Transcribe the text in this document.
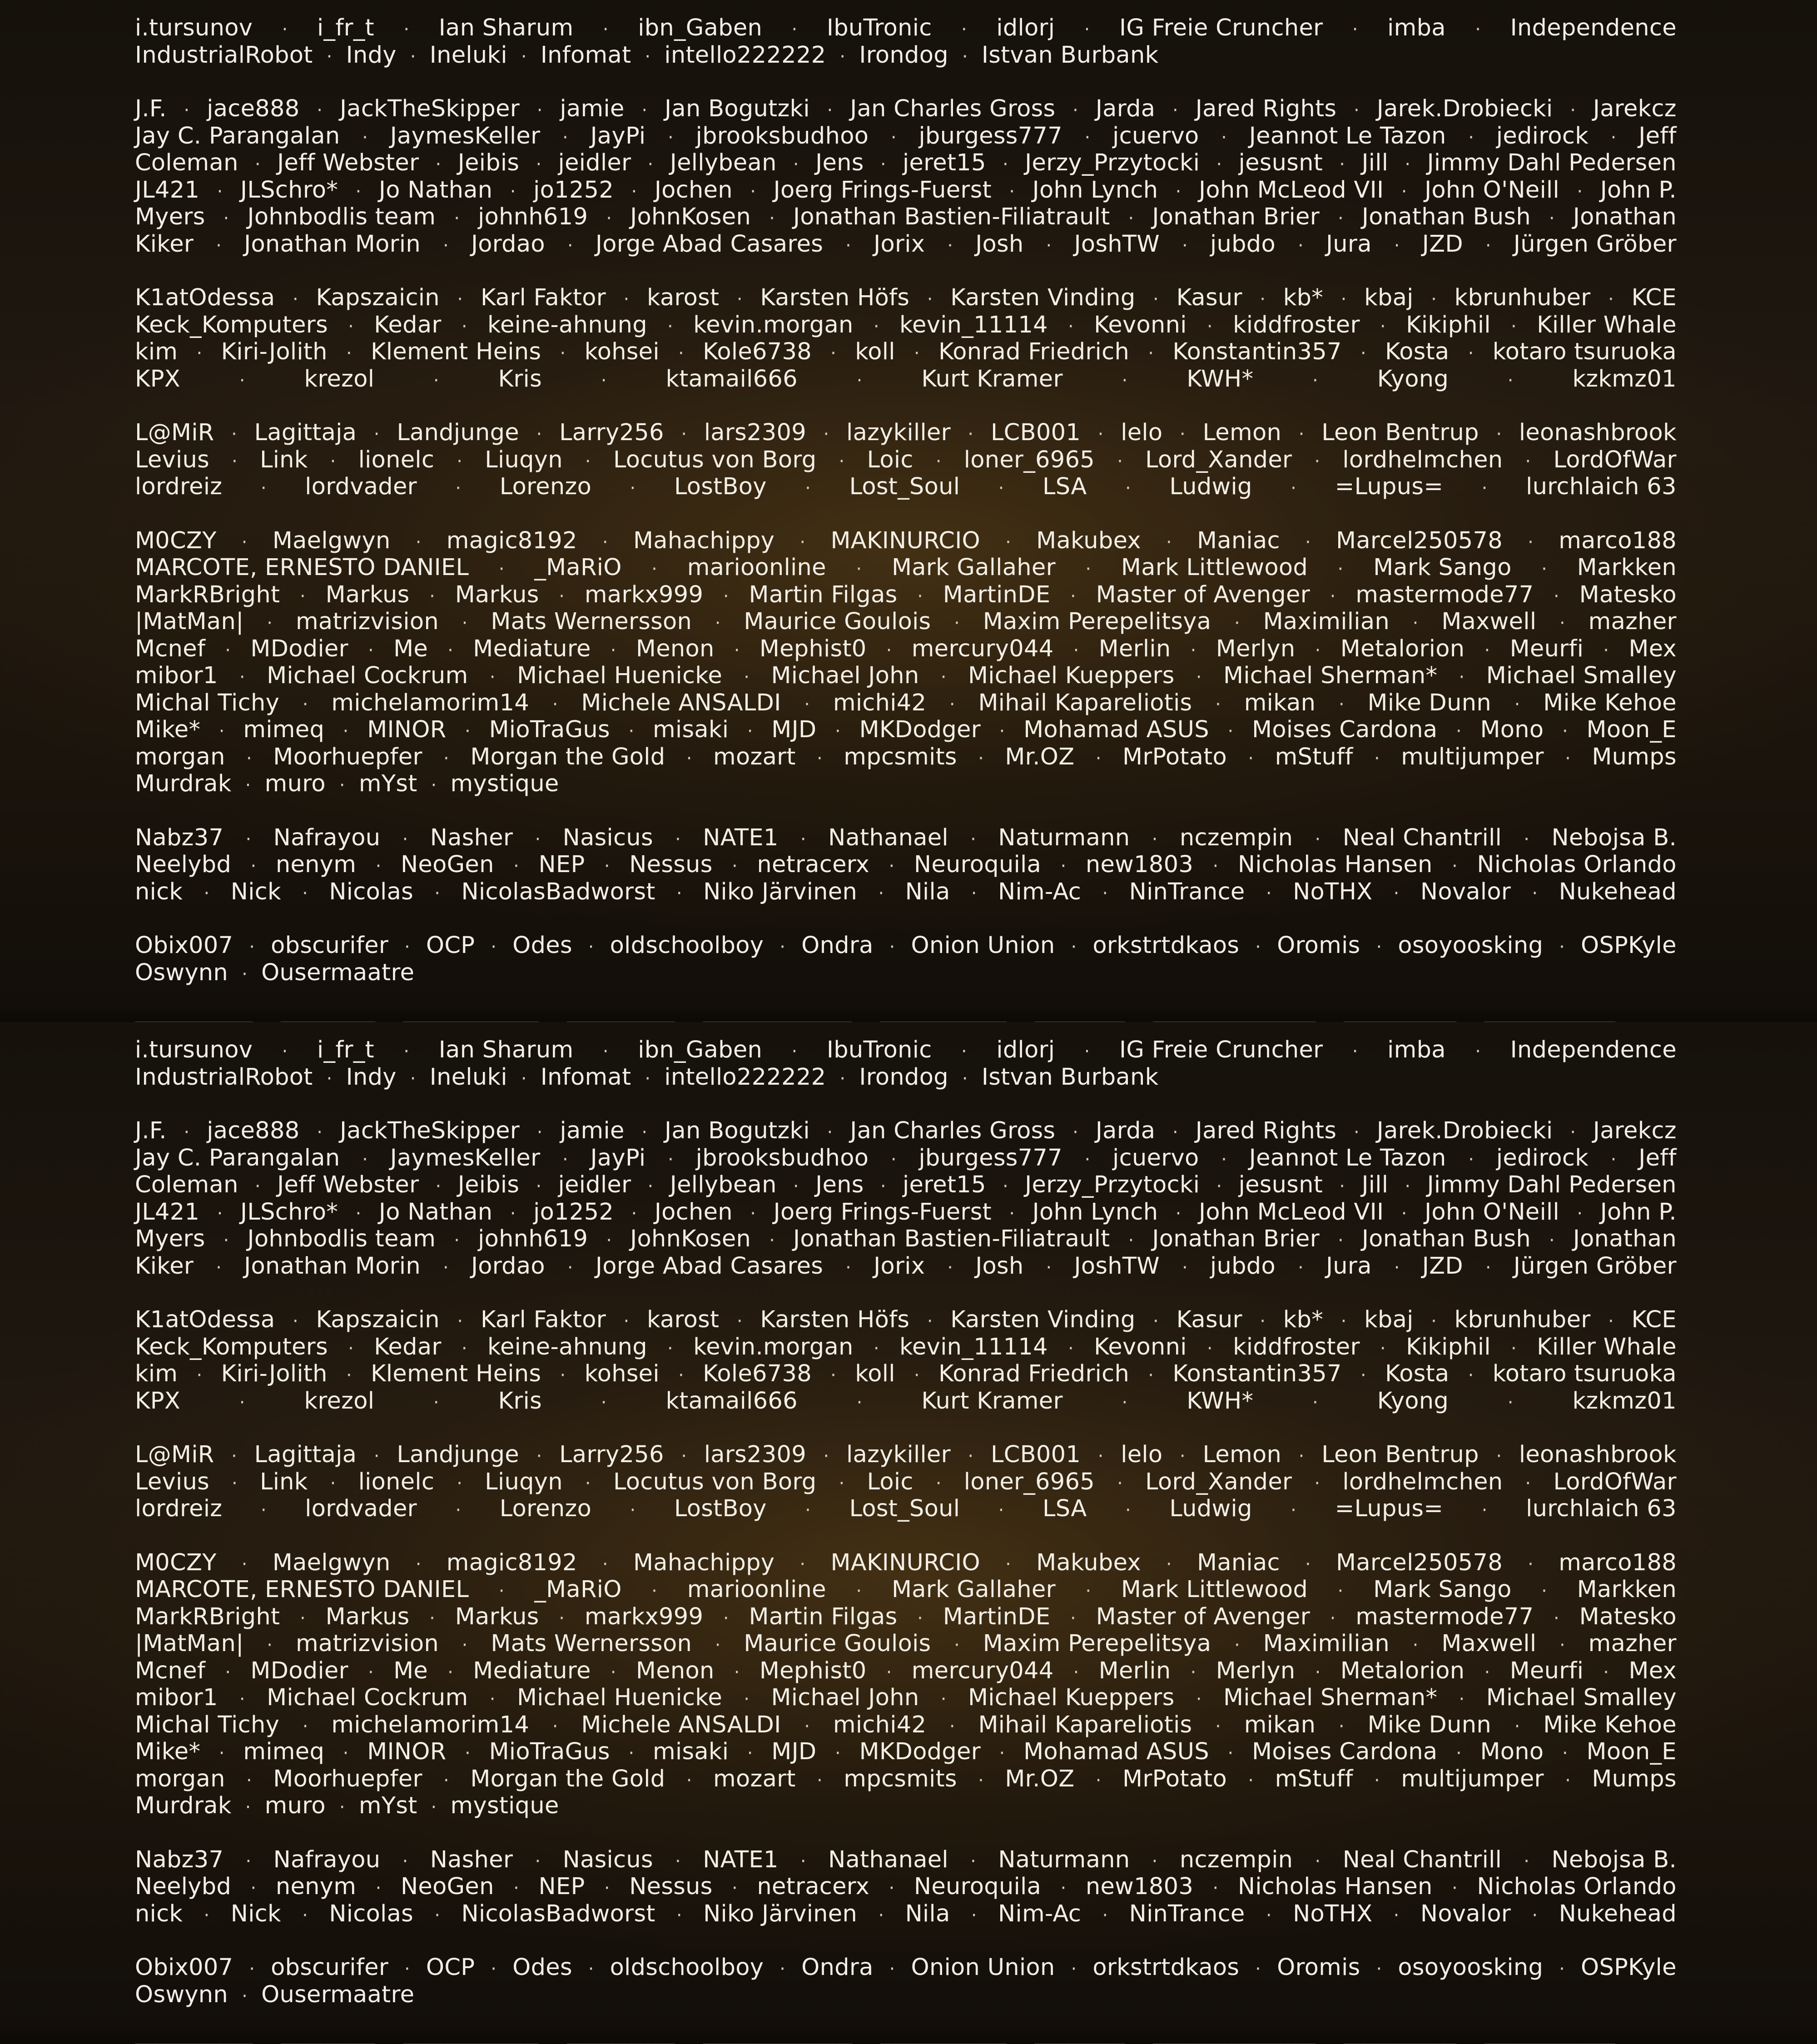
i.tursunov · i_fr_t · Ian Sharum · ibn_Gaben · IbuTronic · idlorj · IG Freie Cruncher · imba · Independence
IndustrialRobot · Indy · Ineluki · Infomat · intello222222 · Irondog · Istvan Burbank
J.F. · jace888 · JackTheSkipper · jamie · Jan Bogutzki · Jan Charles Gross · Jarda · Jared Rights · Jarek.Drobiecki · Jarekcz
Jay C. Parangalan · JaymesKeller · JayPi · jbrooksbudhoo · jburgess777 · jcuervo · Jeannot Le Tazon · jedirock · Jeff
Coleman · Jeff Webster · Jeibis · jeidler · Jellybean · Jens · jeret15 · Jerzy_Przytocki · jesusnt · Jill · Jimmy Dahl Pedersen
JL421 · JLSchro* · Jo Nathan · jo1252 · Jochen · Joerg Frings-Fuerst · John Lynch · John McLeod VII · John O'Neill · John P.
Myers · Johnbodlis team · johnh619 · JohnKosen · Jonathan Bastien-Filiatrault · Jonathan Brier · Jonathan Bush · Jonathan
Kiker · Jonathan Morin · Jordao · Jorge Abad Casares · Jorix · Josh · JoshTW · jubdo · Jura · JZD · Jürgen Gröber
K1atOdessa · Kapszaicin · Karl Faktor · karost · Karsten Höfs · Karsten Vinding · Kasur · kb* · kbaj · kbrunhuber · KCE
Keck_Komputers · Kedar · keine-ahnung · kevin.morgan · kevin_11114 · Kevonni · kiddfroster · Kikiphil · Killer Whale
kim · Kiri-Jolith · Klement Heins · kohsei · Kole6738 · koll · Konrad Friedrich · Konstantin357 · Kosta · kotaro tsuruoka
KPX	·	krezol	·	Kris	·	ktamail666	·	Kurt Kramer	·	KWH*	·	Kyong	·	kzkmz01
L@MiR · Lagittaja · Landjunge · Larry256 · lars2309 · lazykiller · LCB001 · lelo · Lemon · Leon Bentrup · leonashbrook
Levius · Link · lionelc · Liuqyn · Locutus von Borg · Loic · loner_6965 · Lord_Xander · lordhelmchen · LordOfWar
lordreiz · lordvader · Lorenzo · LostBoy · Lost_Soul · LSA · Ludwig · =Lupus= · lurchlaich 63
M0CZY · Maelgwyn · magic8192 · Mahachippy · MAKINURCIO · Makubex · Maniac · Marcel250578 · marco188
MARCOTE, ERNESTO DANIEL · _MaRiO · marioonline · Mark Gallaher · Mark Littlewood · Mark Sango · Markken
MarkRBright · Markus · Markus · markx999 · Martin Filgas · MartinDE · Master of Avenger · mastermode77 · Matesko
|MatMan| · matrizvision · Mats Wernersson · Maurice Goulois · Maxim Perepelitsya · Maximilian · Maxwell · mazher
Mcnef · MDodier · Me · Mediature · Menon · Mephist0 · mercury044 · Merlin · Merlyn · Metalorion · Meurfi · Mex
mibor1 · Michael Cockrum · Michael Huenicke · Michael John · Michael Kueppers · Michael Sherman* · Michael Smalley
Michal Tichy · michelamorim14 · Michele ANSALDI · michi42 · Mihail Kapareliotis · mikan · Mike Dunn · Mike Kehoe
Mike* · mimeq · MINOR · MioTraGus · misaki · MJD · MKDodger · Mohamad ASUS · Moises Cardona · Mono · Moon_E
morgan · Moorhuepfer · Morgan the Gold · mozart · mpcsmits · Mr.OZ · MrPotato · mStuff · multijumper · Mumps
Murdrak · muro · mYst · mystique
Nabz37 · Nafrayou · Nasher · Nasicus · NATE1 · Nathanael · Naturmann · nczempin · Neal Chantrill · Nebojsa B.
Neelybd · nenym · NeoGen · NEP · Nessus · netracerx · Neuroquila · new1803 · Nicholas Hansen · Nicholas Orlando
nick · Nick · Nicolas · NicolasBadworst · Niko Järvinen · Nila · Nim-Ac · NinTrance · NoTHX · Novalor · Nukehead
Obix007 · obscurifer · OCP · Odes · oldschoolboy · Ondra · Onion Union · orkstrtdkaos · Oromis · osoyoosking · OSPKyle
Oswynn · Ousermaatre
i.tursunov · i_fr_t · Ian Sharum · ibn_Gaben · IbuTronic · idlorj · IG Freie Cruncher · imba · Independence
IndustrialRobot · Indy · Ineluki · Infomat · intello222222 · Irondog · Istvan Burbank
J.F. · jace888 · JackTheSkipper · jamie · Jan Bogutzki · Jan Charles Gross · Jarda · Jared Rights · Jarek.Drobiecki · Jarekcz
Jay C. Parangalan · JaymesKeller · JayPi · jbrooksbudhoo · jburgess777 · jcuervo · Jeannot Le Tazon · jedirock · Jeff
Coleman · Jeff Webster · Jeibis · jeidler · Jellybean · Jens · jeret15 · Jerzy_Przytocki · jesusnt · Jill · Jimmy Dahl Pedersen
JL421 · JLSchro* · Jo Nathan · jo1252 · Jochen · Joerg Frings-Fuerst · John Lynch · John McLeod VII · John O'Neill · John P.
Myers · Johnbodlis team · johnh619 · JohnKosen · Jonathan Bastien-Filiatrault · Jonathan Brier · Jonathan Bush · Jonathan
Kiker · Jonathan Morin · Jordao · Jorge Abad Casares · Jorix · Josh · JoshTW · jubdo · Jura · JZD · Jürgen Gröber
K1atOdessa · Kapszaicin · Karl Faktor · karost · Karsten Höfs · Karsten Vinding · Kasur · kb* · kbaj · kbrunhuber · KCE
Keck_Komputers · Kedar · keine-ahnung · kevin.morgan · kevin_11114 · Kevonni · kiddfroster · Kikiphil · Killer Whale
kim · Kiri-Jolith · Klement Heins · kohsei · Kole6738 · koll · Konrad Friedrich · Konstantin357 · Kosta · kotaro tsuruoka
KPX	·	krezol	·	Kris	·	ktamail666	·	Kurt Kramer	·	KWH*	·	Kyong	·	kzkmz01
L@MiR · Lagittaja · Landjunge · Larry256 · lars2309 · lazykiller · LCB001 · lelo · Lemon · Leon Bentrup · leonashbrook
Levius · Link · lionelc · Liuqyn · Locutus von Borg · Loic · loner_6965 · Lord_Xander · lordhelmchen · LordOfWar
lordreiz · lordvader · Lorenzo · LostBoy · Lost_Soul · LSA · Ludwig · =Lupus= · lurchlaich 63
M0CZY · Maelgwyn · magic8192 · Mahachippy · MAKINURCIO · Makubex · Maniac · Marcel250578 · marco188
MARCOTE, ERNESTO DANIEL · _MaRiO · marioonline · Mark Gallaher · Mark Littlewood · Mark Sango · Markken
MarkRBright · Markus · Markus · markx999 · Martin Filgas · MartinDE · Master of Avenger · mastermode77 · Matesko
|MatMan| · matrizvision · Mats Wernersson · Maurice Goulois · Maxim Perepelitsya · Maximilian · Maxwell · mazher
Mcnef · MDodier · Me · Mediature · Menon · Mephist0 · mercury044 · Merlin · Merlyn · Metalorion · Meurfi · Mex
mibor1 · Michael Cockrum · Michael Huenicke · Michael John · Michael Kueppers · Michael Sherman* · Michael Smalley
Michal Tichy · michelamorim14 · Michele ANSALDI · michi42 · Mihail Kapareliotis · mikan · Mike Dunn · Mike Kehoe
Mike* · mimeq · MINOR · MioTraGus · misaki · MJD · MKDodger · Mohamad ASUS · Moises Cardona · Mono · Moon_E
morgan · Moorhuepfer · Morgan the Gold · mozart · mpcsmits · Mr.OZ · MrPotato · mStuff · multijumper · Mumps
Murdrak · muro · mYst · mystique
Nabz37 · Nafrayou · Nasher · Nasicus · NATE1 · Nathanael · Naturmann · nczempin · Neal Chantrill · Nebojsa B.
Neelybd · nenym · NeoGen · NEP · Nessus · netracerx · Neuroquila · new1803 · Nicholas Hansen · Nicholas Orlando
nick · Nick · Nicolas · NicolasBadworst · Niko Järvinen · Nila · Nim-Ac · NinTrance · NoTHX · Novalor · Nukehead
Obix007 · obscurifer · OCP · Odes · oldschoolboy · Ondra · Onion Union · orkstrtdkaos · Oromis · osoyoosking · OSPKyle
Oswynn · Ousermaatre
